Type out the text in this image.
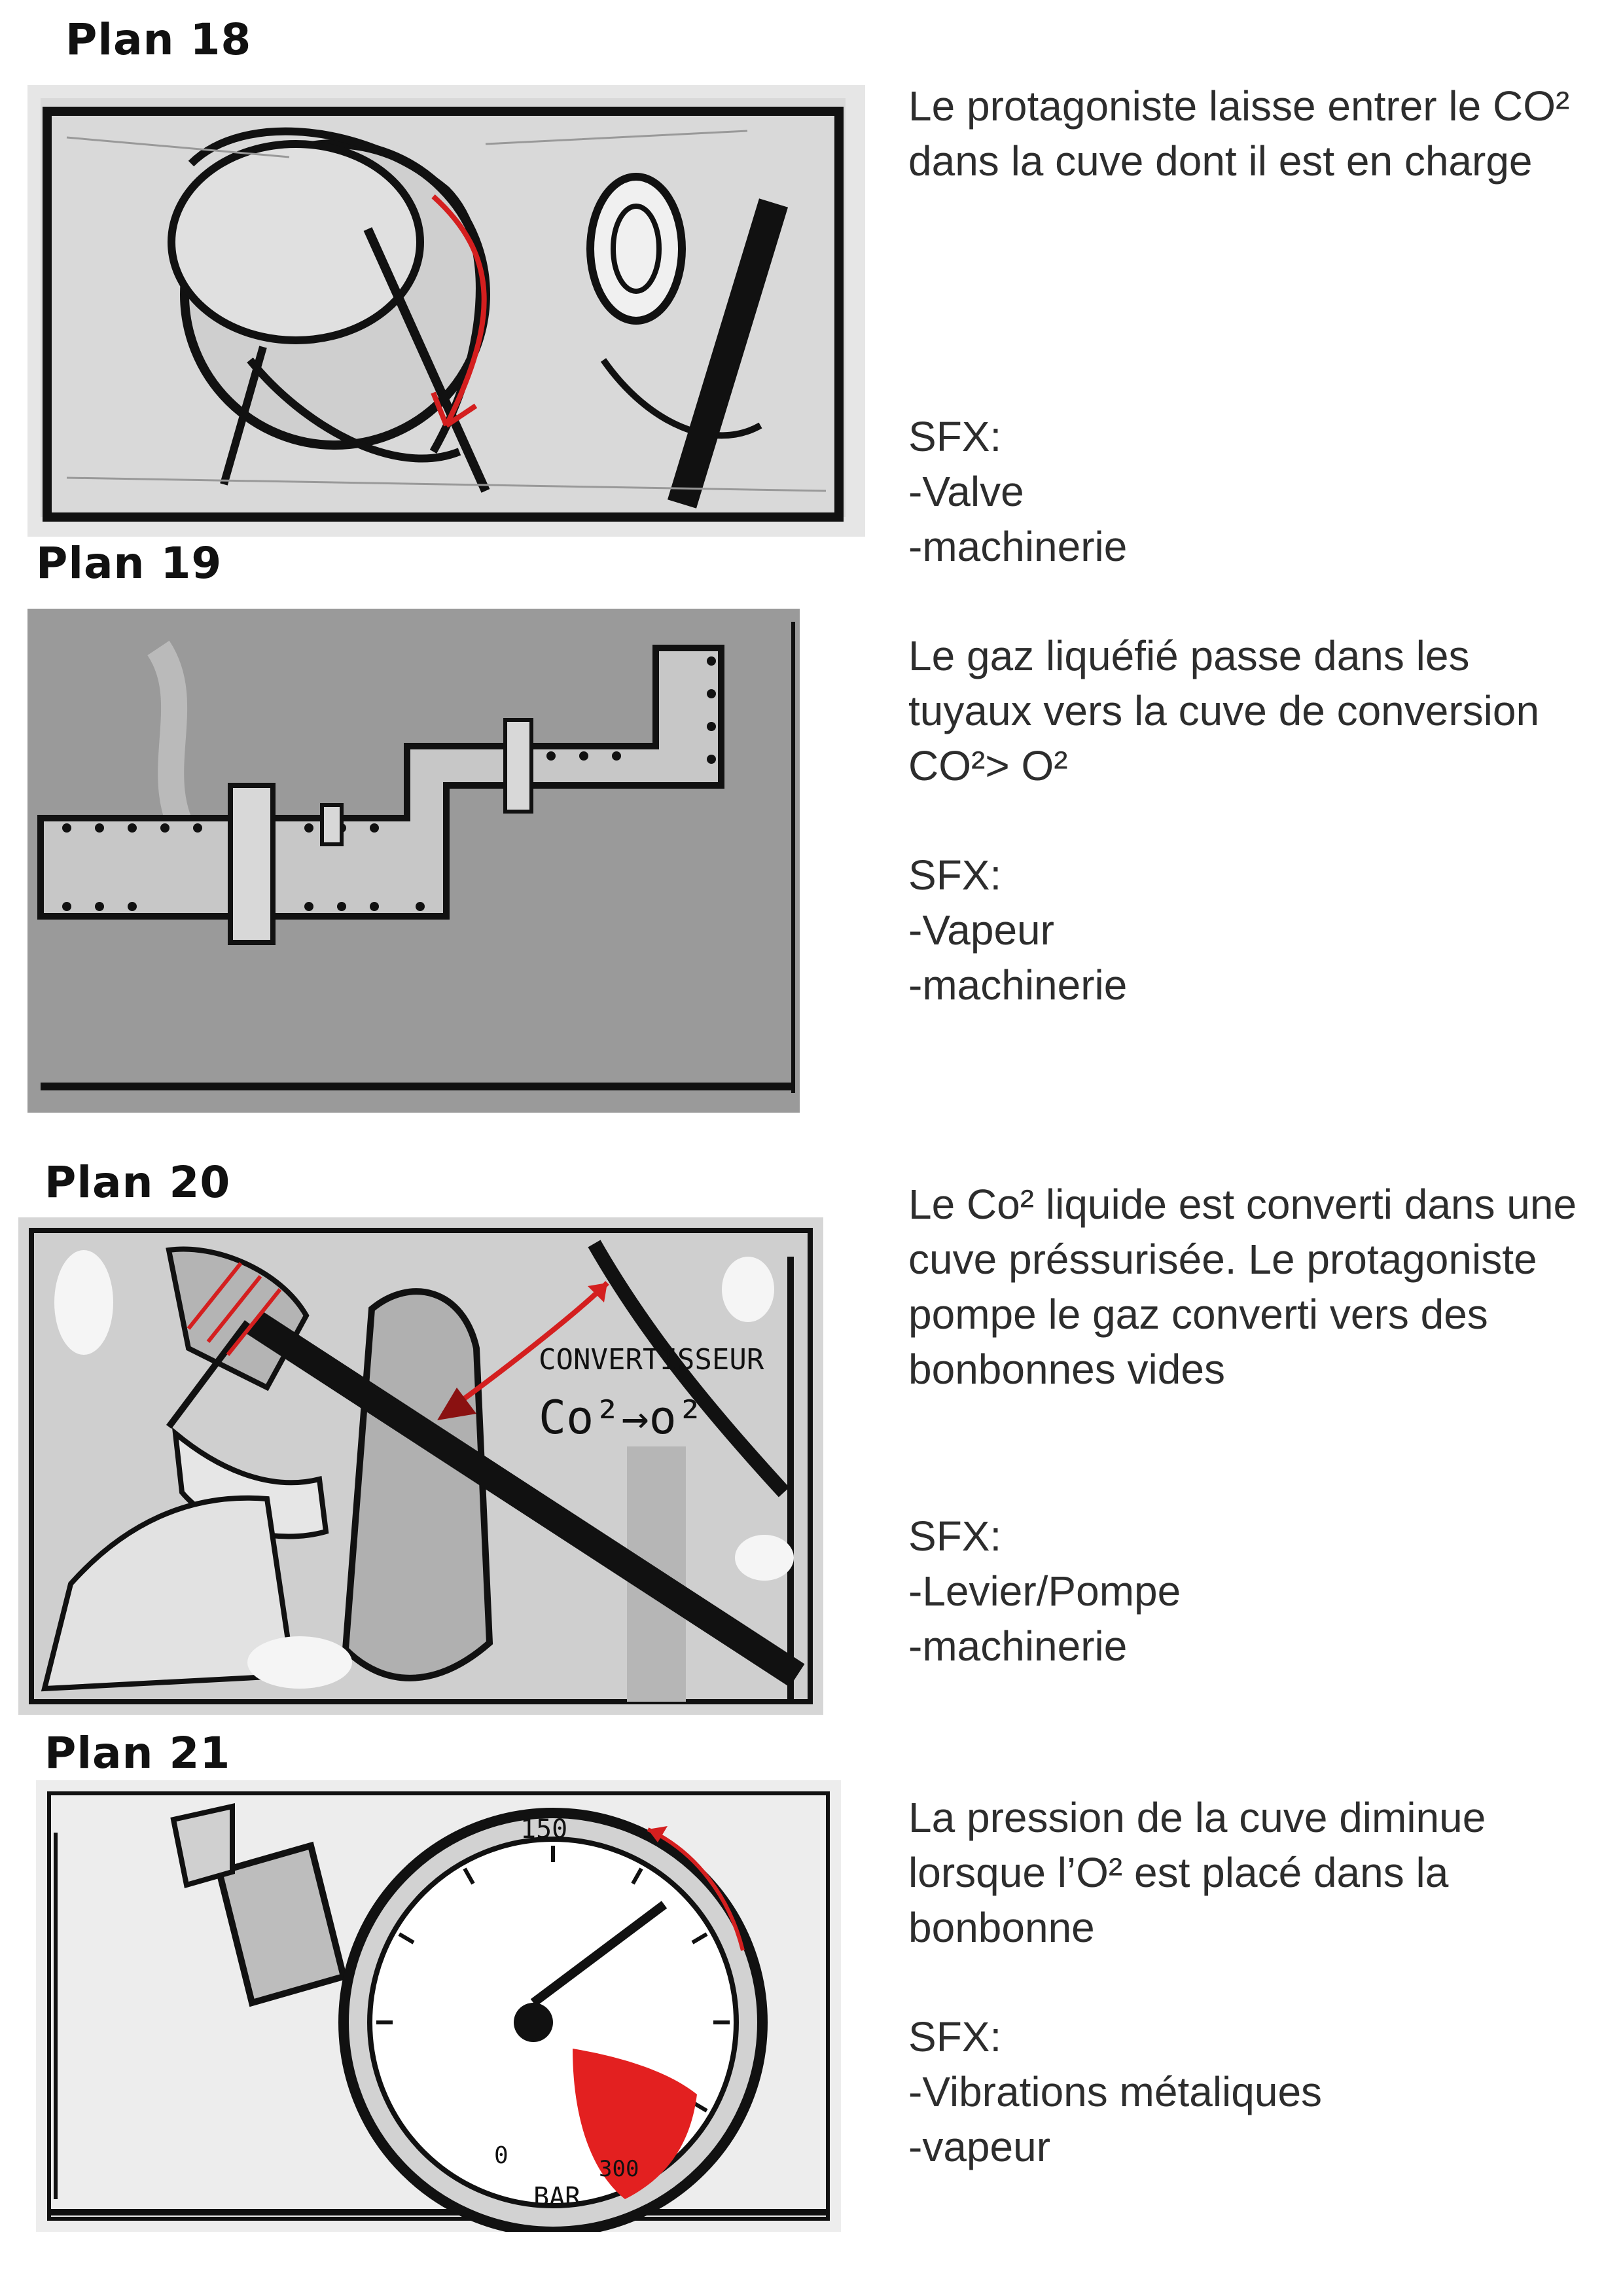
Plan 18

Le protagoniste laisse entrer le CO² dans la cuve dont il est en charge

SFX:
-Valve
-machinerie
Plan 19

Le gaz liquéfié passe dans les tuyaux vers la cuve de conversion CO²> O²

SFX:
-Vapeur
-machinerie
Plan 20
CONVERTISSEUR
Co²→o²

Le Co² liquide est converti dans une cuve préssurisée. Le protagoniste pompe le gaz converti vers des bonbonnes vides

SFX:
-Levier/Pompe
-machinerie
Plan 21
150
0	300
BAR

La pression de la cuve diminue lorsque l’O² est placé dans la bonbonne

SFX:
-Vibrations métaliques
-vapeur
